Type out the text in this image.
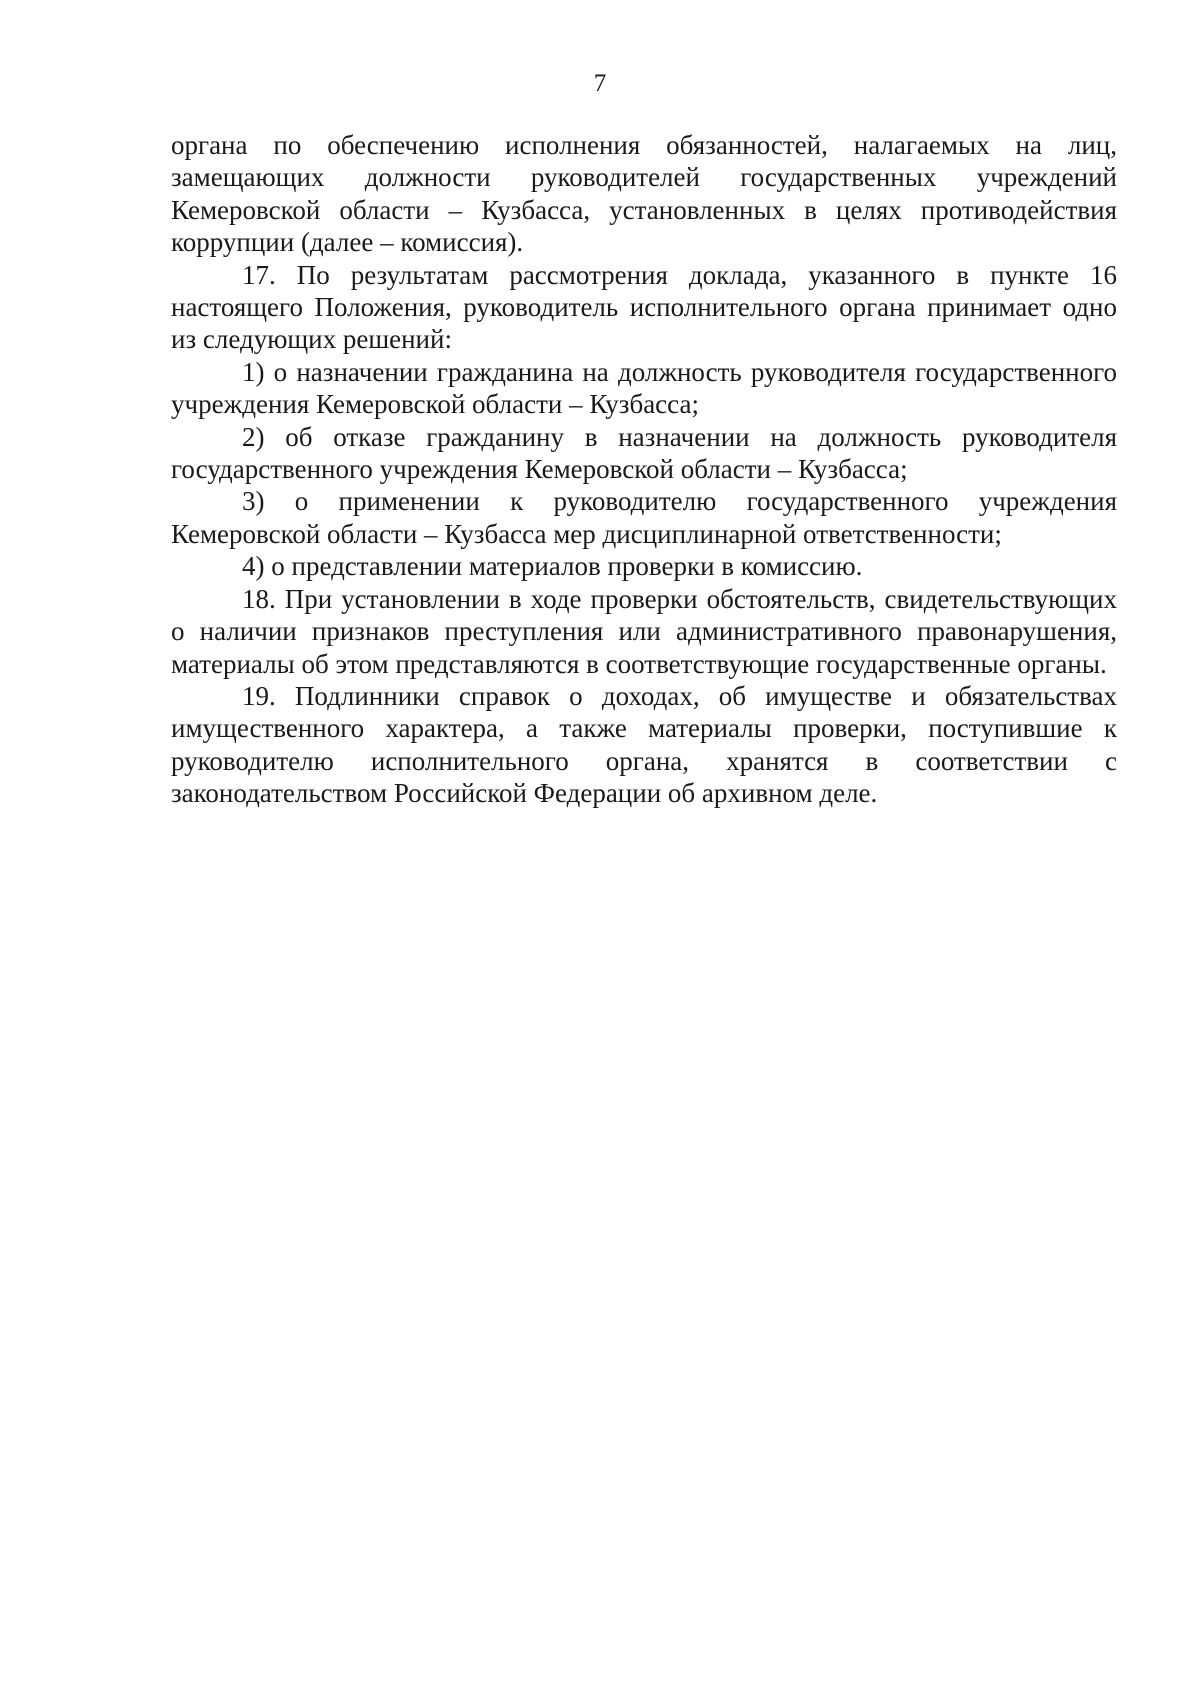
7

органа по обеспечению исполнения обязанностей, налагаемых на лиц, замещающих должности руководителей государственных учреждений Кемеровской области – Кузбасса, установленных в целях противодействия коррупции (далее – комиссия).

17. По результатам рассмотрения доклада, указанного в пункте 16 настоящего Положения, руководитель исполнительного органа принимает одно из следующих решений:

1) о назначении гражданина на должность руководителя государственного учреждения Кемеровской области – Кузбасса;

2) об отказе гражданину в назначении на должность руководителя государственного учреждения Кемеровской области – Кузбасса;

3) о применении к руководителю государственного учреждения Кемеровской области – Кузбасса мер дисциплинарной ответственности;

4) о представлении материалов проверки в комиссию.

18. При установлении в ходе проверки обстоятельств, свидетельствующих о наличии признаков преступления или административного правонарушения, материалы об этом представляются в соответствующие государственные органы.

19. Подлинники справок о доходах, об имуществе и обязательствах имущественного характера, а также материалы проверки, поступившие к руководителю исполнительного органа, хранятся в соответствии с законодательством Российской Федерации об архивном деле.
